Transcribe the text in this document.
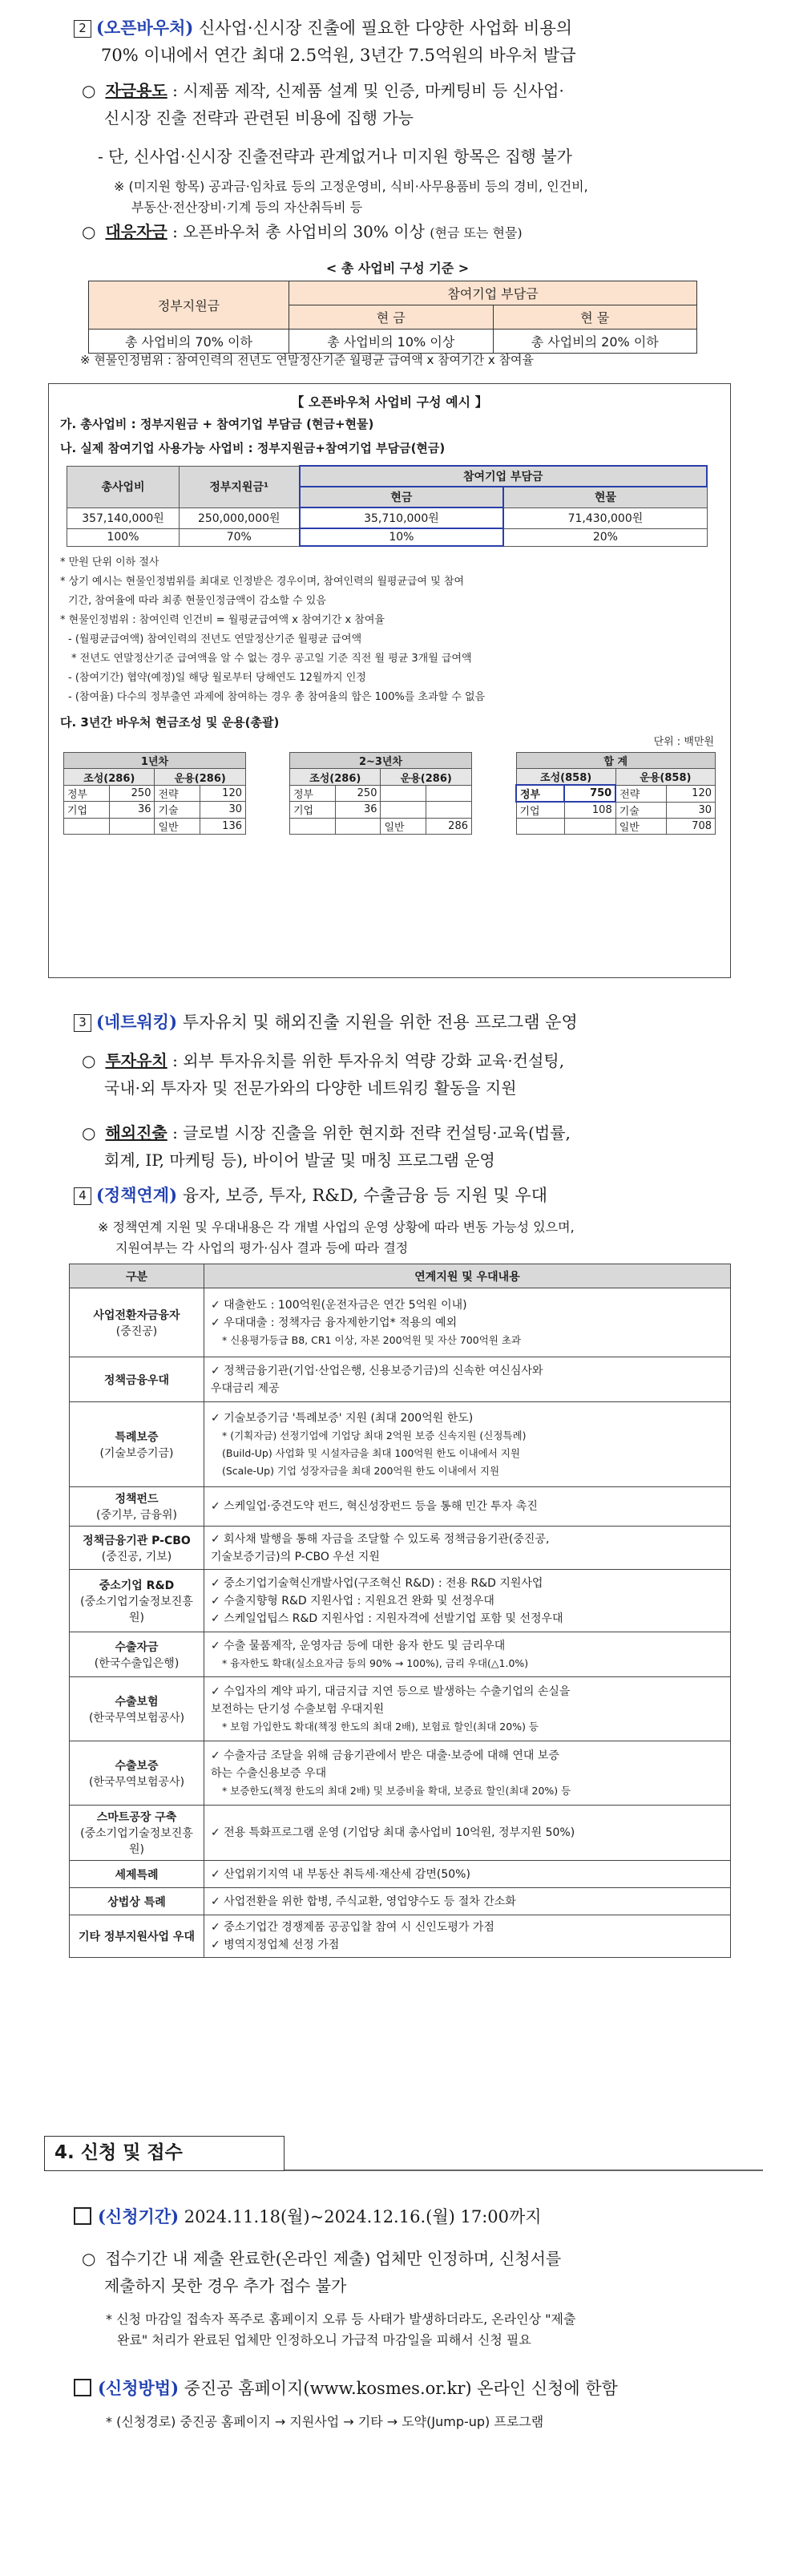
2 (오픈바우처) 신사업·신시장 진출에 필요한 다양한 사업화 비용의
70% 이내에서 연간 최대 2.5억원, 3년간 7.5억원의 바우처 발급
○ 자금용도 : 시제품 제작, 신제품 설계 및 인증, 마케팅비 등 신사업·
신시장 진출 전략과 관련된 비용에 집행 가능
- 단, 신사업·신시장 진출전략과 관계없거나 미지원 항목은 집행 불가
※ (미지원 항목) 공과금·임차료 등의 고정운영비, 식비·사무용품비 등의 경비, 인건비,
부동산·전산장비·기계 등의 자산취득비 등
○ 대응자금 : 오픈바우처 총 사업비의 30% 이상 (현금 또는 현물)
< 총 사업비 구성 기준 >
정부지원금	참여기업 부담금	
	현 금	현 물
총 사업비의 70% 이하	총 사업비의 10% 이상	총 사업비의 20% 이하
※ 현물인정범위 : 참여인력의 전년도 연말정산기준 월평균 급여액 x 참여기간 x 참여율
【 오픈바우처 사업비 구성 예시 】
가. 총사업비 : 정부지원금 + 참여기업 부담금 (현금+현물)
나. 실제 참여기업 사용가능 사업비 : 정부지원금+참여기업 부담금(현금)
총사업비	정부지원금¹	참여기업 부담금	
		현금	현물
357,140,000원	250,000,000원	35,710,000원	71,430,000원
100%	70%	10%	20%
* 만원 단위 이하 절사
* 상기 예시는 현물인정범위를 최대로 인정받은 경우이며, 참여인력의 월평균급여 및 참여
기간, 참여율에 따라 최종 현물인정금액이 감소할 수 있음
* 현물인정범위 : 참여인력 인건비 = 월평균급여액 x 참여기간 x 참여율
- (월평균급여액) 참여인력의 전년도 연말정산기준 월평균 급여액
* 전년도 연말정산기준 급여액을 알 수 없는 경우 공고일 기준 직전 월 평균 3개월 급여액
- (참여기간) 협약(예정)일 해당 월로부터 당해연도 12월까지 인정
- (참여율) 다수의 정부출연 과제에 참여하는 경우 총 참여율의 합은 100%를 초과할 수 없음
다. 3년간 바우처 현금조성 및 운용(총괄)
단위 : 백만원
1년차			
조성(286)		운용(286)	
정부	250	전략	120
기업	36	기술	30
		일반	136
2~3년차			
조성(286)		운용(286)	
정부	250		
기업	36		
		일반	286
합 계			
조성(858)		운용(858)	
정부	750	전략	120
기업	108	기술	30
		일반	708
3 (네트워킹) 투자유치 및 해외진출 지원을 위한 전용 프로그램 운영
○ 투자유치 : 외부 투자유치를 위한 투자유치 역량 강화 교육·컨설팅,
국내·외 투자자 및 전문가와의 다양한 네트워킹 활동을 지원
○ 해외진출 : 글로벌 시장 진출을 위한 현지화 전략 컨설팅·교육(법률,
회계, IP, 마케팅 등), 바이어 발굴 및 매칭 프로그램 운영
4 (정책연계) 융자, 보증, 투자, R&D, 수출금융 등 지원 및 우대
※ 정책연계 지원 및 우대내용은 각 개별 사업의 운영 상황에 따라 변동 가능성 있으며,
지원여부는 각 사업의 평가·심사 결과 등에 따라 결정
구분	연계지원 및 우대내용

사업전환자금융자
(중진공)	✓ 대출한도 : 100억원(운전자금은 연간 5억원 이내)
✓ 우대대출 : 정책자금 융자제한기업* 적용의 예외
* 신용평가등급 B8, CR1 이상, 자본 200억원 및 자산 700억원 초과

정책금융우대	✓ 정책금융기관(기업·산업은행, 신용보증기금)의 신속한 여신심사와
우대금리 제공

특례보증
(기술보증기금)	✓ 기술보증기금 '특례보증' 지원 (최대 200억원 한도)
* (기획자금) 선정기업에 기업당 최대 2억원 보증 신속지원 (신정특례)
(Build-Up) 사업화 및 시설자금을 최대 100억원 한도 이내에서 지원
(Scale-Up) 기업 성장자금을 최대 200억원 한도 이내에서 지원

정책펀드
(중기부, 금융위)	✓ 스케일업·중견도약 펀드, 혁신성장펀드 등을 통해 민간 투자 촉진

정책금융기관 P-CBO
(중진공, 기보)	✓ 회사채 발행을 통해 자금을 조달할 수 있도록 정책금융기관(중진공,
기술보증기금)의 P-CBO 우선 지원

중소기업 R&D
(중소기업기술정보진흥원)	✓ 중소기업기술혁신개발사업(구조혁신 R&D) : 전용 R&D 지원사업
✓ 수출지향형 R&D 지원사업 : 지원요건 완화 및 선정우대
✓ 스케일업팁스 R&D 지원사업 : 지원자격에 선발기업 포함 및 선정우대

수출자금
(한국수출입은행)	✓ 수출 물품제작, 운영자금 등에 대한 융자 한도 및 금리우대
* 융자한도 확대(실소요자금 등의 90% → 100%), 금리 우대(△1.0%)

수출보험
(한국무역보험공사)	✓ 수입자의 계약 파기, 대금지급 지연 등으로 발생하는 수출기업의 손실을
보전하는 단기성 수출보험 우대지원
* 보험 가입한도 확대(책정 한도의 최대 2배), 보험료 할인(최대 20%) 등

수출보증
(한국무역보험공사)	✓ 수출자금 조달을 위해 금융기관에서 받은 대출·보증에 대해 연대 보증
하는 수출신용보증 우대
* 보증한도(책정 한도의 최대 2배) 및 보증비율 확대, 보증료 할인(최대 20%) 등

스마트공장 구축
(중소기업기술정보진흥원)	✓ 전용 특화프로그램 운영 (기업당 최대 총사업비 10억원, 정부지원 50%)

세제특례	✓ 산업위기지역 내 부동산 취득세·재산세 감면(50%)

상법상 특례	✓ 사업전환을 위한 합병, 주식교환, 영업양수도 등 절차 간소화

기타 정부지원사업 우대	✓ 중소기업간 경쟁제품 공공입찰 참여 시 신인도평가 가점
✓ 병역지정업체 선정 가점
4. 신청 및 접수
(신청기간) 2024.11.18(월)~2024.12.16.(월) 17:00까지
○ 접수기간 내 제출 완료한(온라인 제출) 업체만 인정하며, 신청서를
제출하지 못한 경우 추가 접수 불가
* 신청 마감일 접속자 폭주로 홈페이지 오류 등 사태가 발생하더라도, 온라인상 "제출
완료" 처리가 완료된 업체만 인정하오니 가급적 마감일을 피해서 신청 필요
(신청방법) 중진공 홈페이지(www.kosmes.or.kr) 온라인 신청에 한함
* (신청경로) 중진공 홈페이지 → 지원사업 → 기타 → 도약(Jump-up) 프로그램
